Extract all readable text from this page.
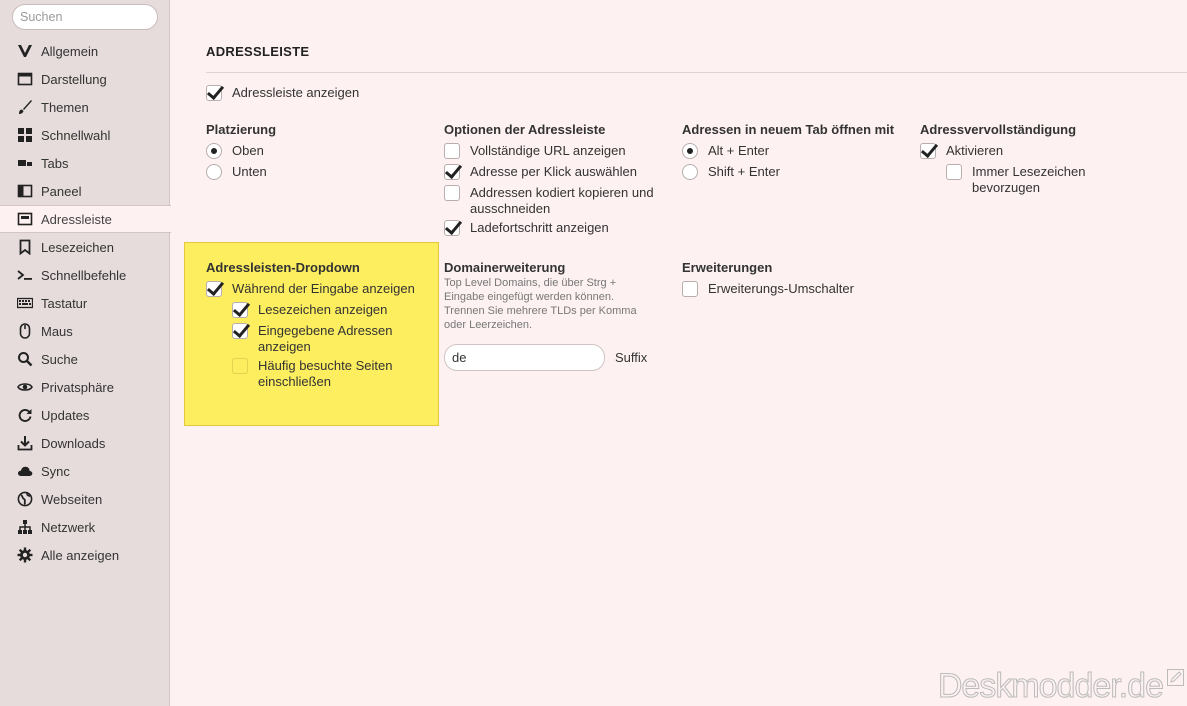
Suchen
Allgemein
Darstellung
Themen
Schnellwahl
Tabs
Paneel
Adressleiste
Lesezeichen
Schnellbefehle
Tastatur
Maus
Suche
Privatsphäre
Updates
Downloads
Sync
Webseiten
Netzwerk
Alle anzeigen
ADRESSLEISTE
Adressleiste anzeigen
Platzierung
Oben
Unten
Optionen der Adressleiste
Vollständige URL anzeigen
Adresse per Klick auswählen
Addressen kodiert kopieren und
ausschneiden
Ladefortschritt anzeigen
Adressen in neuem Tab öffnen mit
Alt + Enter
Shift + Enter
Adressvervollständigung
Aktivieren
Immer Lesezeichen
bevorzugen
Adressleisten-Dropdown
Während der Eingabe anzeigen
Lesezeichen anzeigen
Eingegebene Adressen
anzeigen
Häufig besuchte Seiten
einschließen
Domainerweiterung
Top Level Domains, die über Strg +
Eingabe eingefügt werden können.
Trennen Sie mehrere TLDs per Komma
oder Leerzeichen.
de
Suffix
Erweiterungen
Erweiterungs-Umschalter
Deskmodder.de
